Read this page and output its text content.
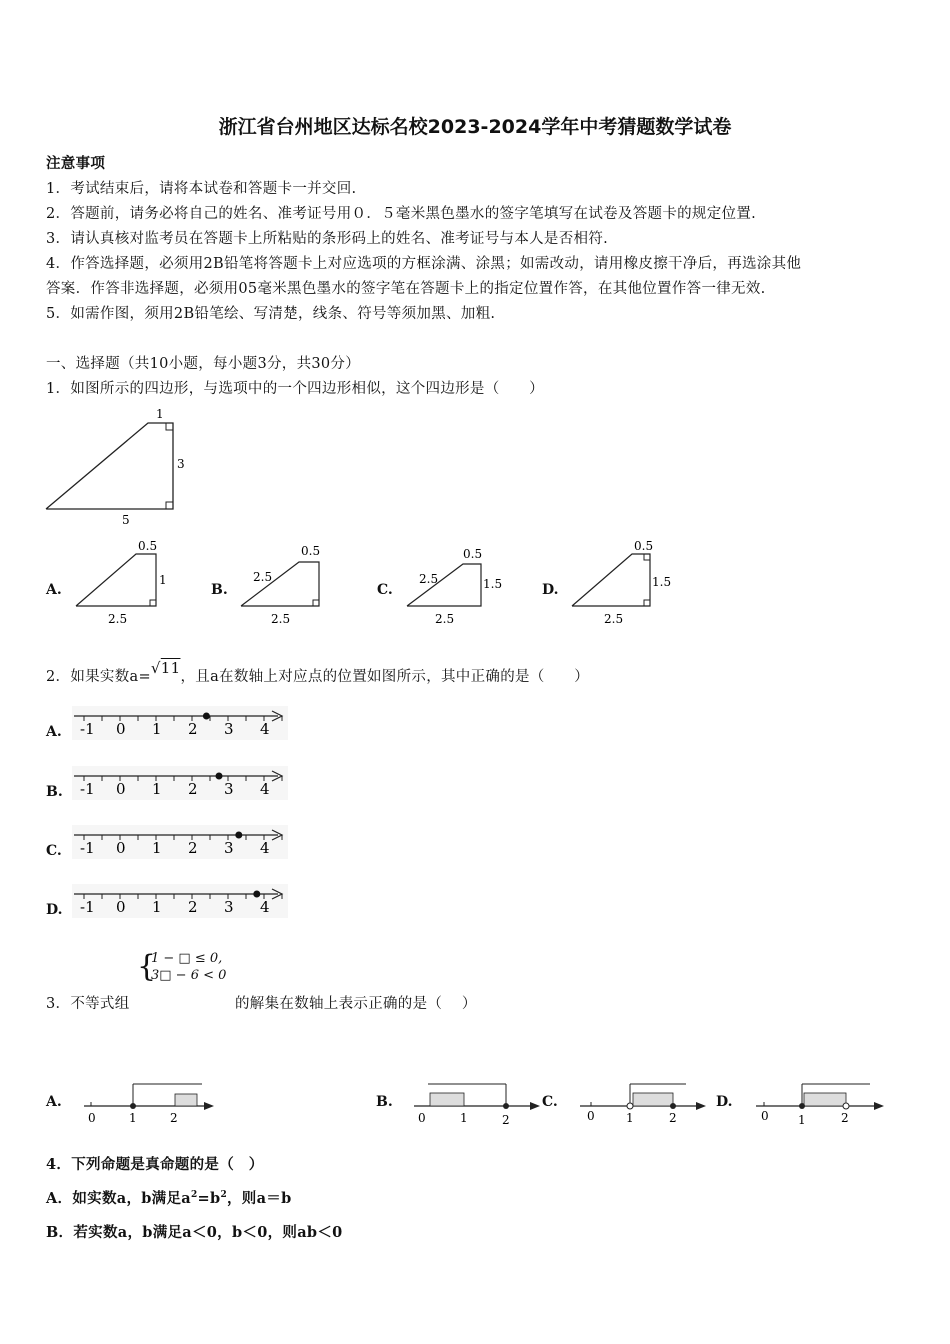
浙江省台州地区达标名校2023-2024学年中考猜题数学试卷
注意事项
1．考试结束后，请将本试卷和答题卡一并交回.
2．答题前，请务必将自己的姓名、准考证号用０．５毫米黑色墨水的签字笔填写在试卷及答题卡的规定位置.
3．请认真核对监考员在答题卡上所粘贴的条形码上的姓名、准考证号与本人是否相符.
4．作答选择题，必须用2B铅笔将答题卡上对应选项的方框涂满、涂黑；如需改动，请用橡皮擦干净后，再选涂其他
答案．作答非选择题，必须用05毫米黑色墨水的签字笔在答题卡上的指定位置作答，在其他位置作答一律无效.
5．如需作图，须用2B铅笔绘、写清楚，线条、符号等须加黑、加粗.
一、选择题（共10小题，每小题3分，共30分）
1．如图所示的四边形，与选项中的一个四边形相似，这个四边形是（　　）
1
3
5
A.
0.5
1
2.5
B.
0.5
2.5
2.5
C.
0.5
1.5
2.5
2.5
D.
0.5
1.5
2.5
2．如果实数a=√11，且a在数轴上对应点的位置如图所示，其中正确的是（　　）
A. -1 0 1 2 3 4
B. -1 0 1 2 3 4
C. -1 0 1 2 3 4
D. -1 0 1 2 3 4
{
1 − □ ≤ 0,
3□ − 6 < 0
3．不等式组	的解集在数轴上表示正确的是（　 ）
A.
0	1	2
B.
0	1	2
C.
0	1	2
D.
0 1	2
4．下列命题是真命题的是（　）
A．如实数a，b满足$a^2=b^2$，则a＝b
B．若实数a，b满足a＜0，b＜0，则ab＜0
